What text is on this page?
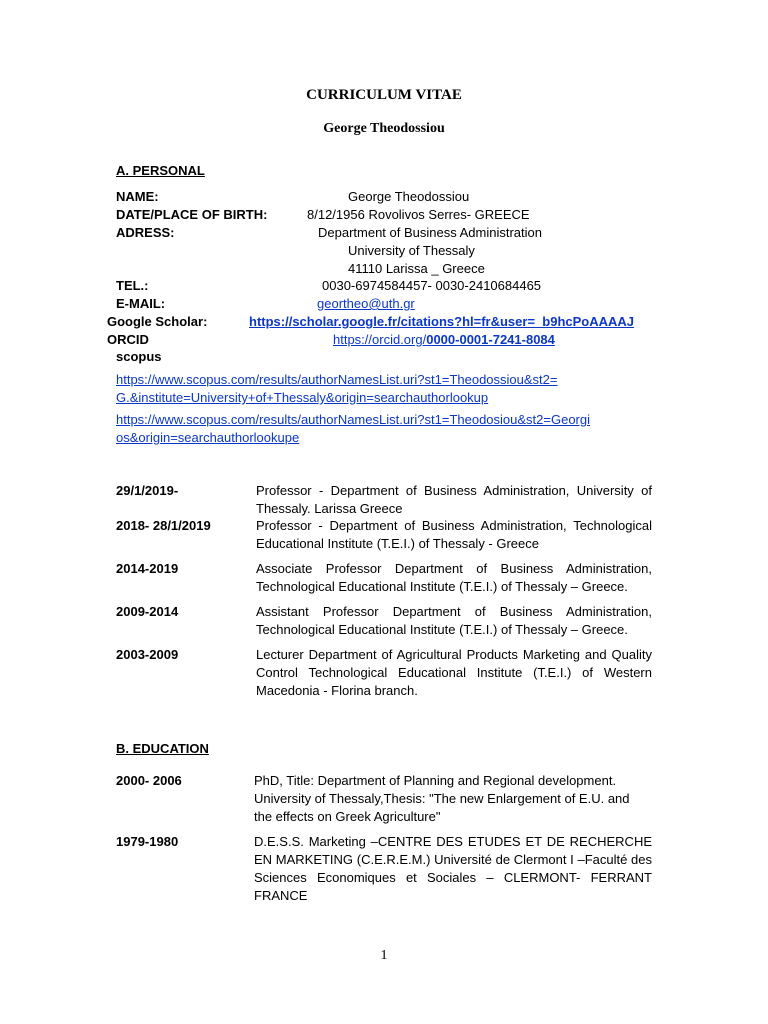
CURRICULUM VITAE
George Theodossiou
A. PERSONAL
NAME:	George Theodossiou
DATE/PLACE OF BIRTH:	8/12/1956 Rovolivos Serres- GREECE
ADRESS:	Department of Business Administration
University of Thessaly
41110 Larissa _ Greece
TEL.:	0030-6974584457- 0030-2410684465
E-MAIL:	geortheo@uth.gr
Google Scholar:	https://scholar.google.fr/citations?hl=fr&user=_b9hcPoAAAAJ
ORCID	https://orcid.org/0000-0001-7241-8084
scopus
https://www.scopus.com/results/authorNamesList.uri?st1=Theodossiou&st2=
G.&institute=University+of+Thessaly&origin=searchauthorlookup
https://www.scopus.com/results/authorNamesList.uri?st1=Theodosiou&st2=Georgi
os&origin=searchauthorlookupe
29/1/2019-	Professor - Department of Business Administration, University of Thessaly. Larissa Greece
2018- 28/1/2019	Professor - Department of Business Administration, Technological Educational Institute (T.E.I.) of Thessaly - Greece
2014-2019	Associate Professor Department of Business Administration, Technological Educational Institute (T.E.I.) of Thessaly – Greece.
2009-2014	Assistant Professor Department of Business Administration, Technological Educational Institute (T.E.I.) of Thessaly – Greece.
2003-2009	Lecturer Department of Agricultural Products Marketing and Quality Control Technological Educational Institute (T.E.I.) of Western Macedonia - Florina branch.
B. EDUCATION
2000- 2006	PhD, Title: Department of Planning and Regional development.
University of Thessaly,Thesis: "The new Enlargement of E.U. and
the effects on Greek Agriculture"
1979-1980	D.E.S.S. Marketing –CENTRE DES ETUDES ET DE RECHERCHE EN MARKETING (C.E.R.E.M.) Université de Clermont I –Faculté des Sciences Economiques et Sociales – CLERMONT- FERRANT FRANCE
1
